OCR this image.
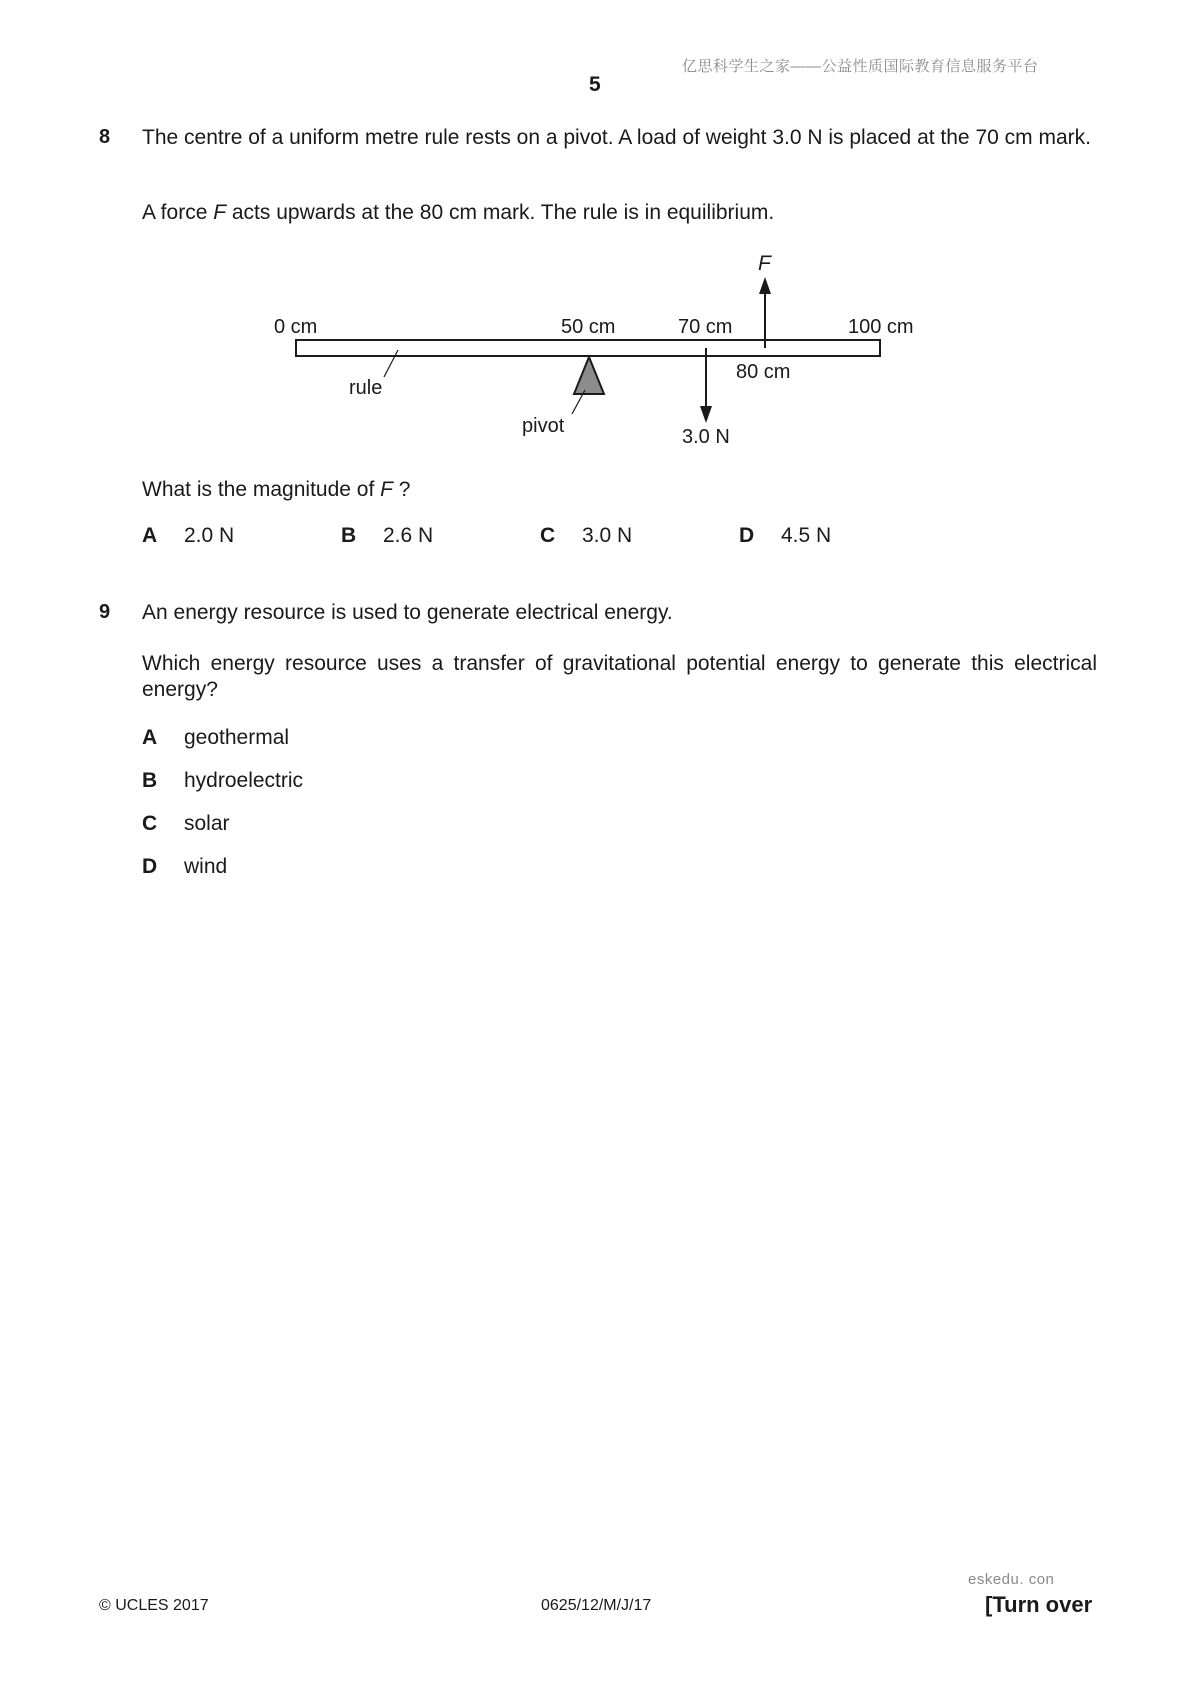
亿思科学生之家——公益性质国际教育信息服务平台
5
8 The centre of a uniform metre rule rests on a pivot. A load of weight 3.0 N is placed at the 70 cm mark.
A force F acts upwards at the 80 cm mark. The rule is in equilibrium.
0 cm	50 cm	70 cm	100 cm
80 cm
F
rule
pivot	3.0 N
What is the magnitude of F ?
A 2.0 N	B 2.6 N	C 3.0 N	D 4.5 N
9 An energy resource is used to generate electrical energy.
Which energy resource uses a transfer of gravitational potential energy to generate this electrical energy?
A geothermal
B hydroelectric
C solar
D wind
eskedu. con
© UCLES 2017	0625/12/M/J/17	[Turn over
